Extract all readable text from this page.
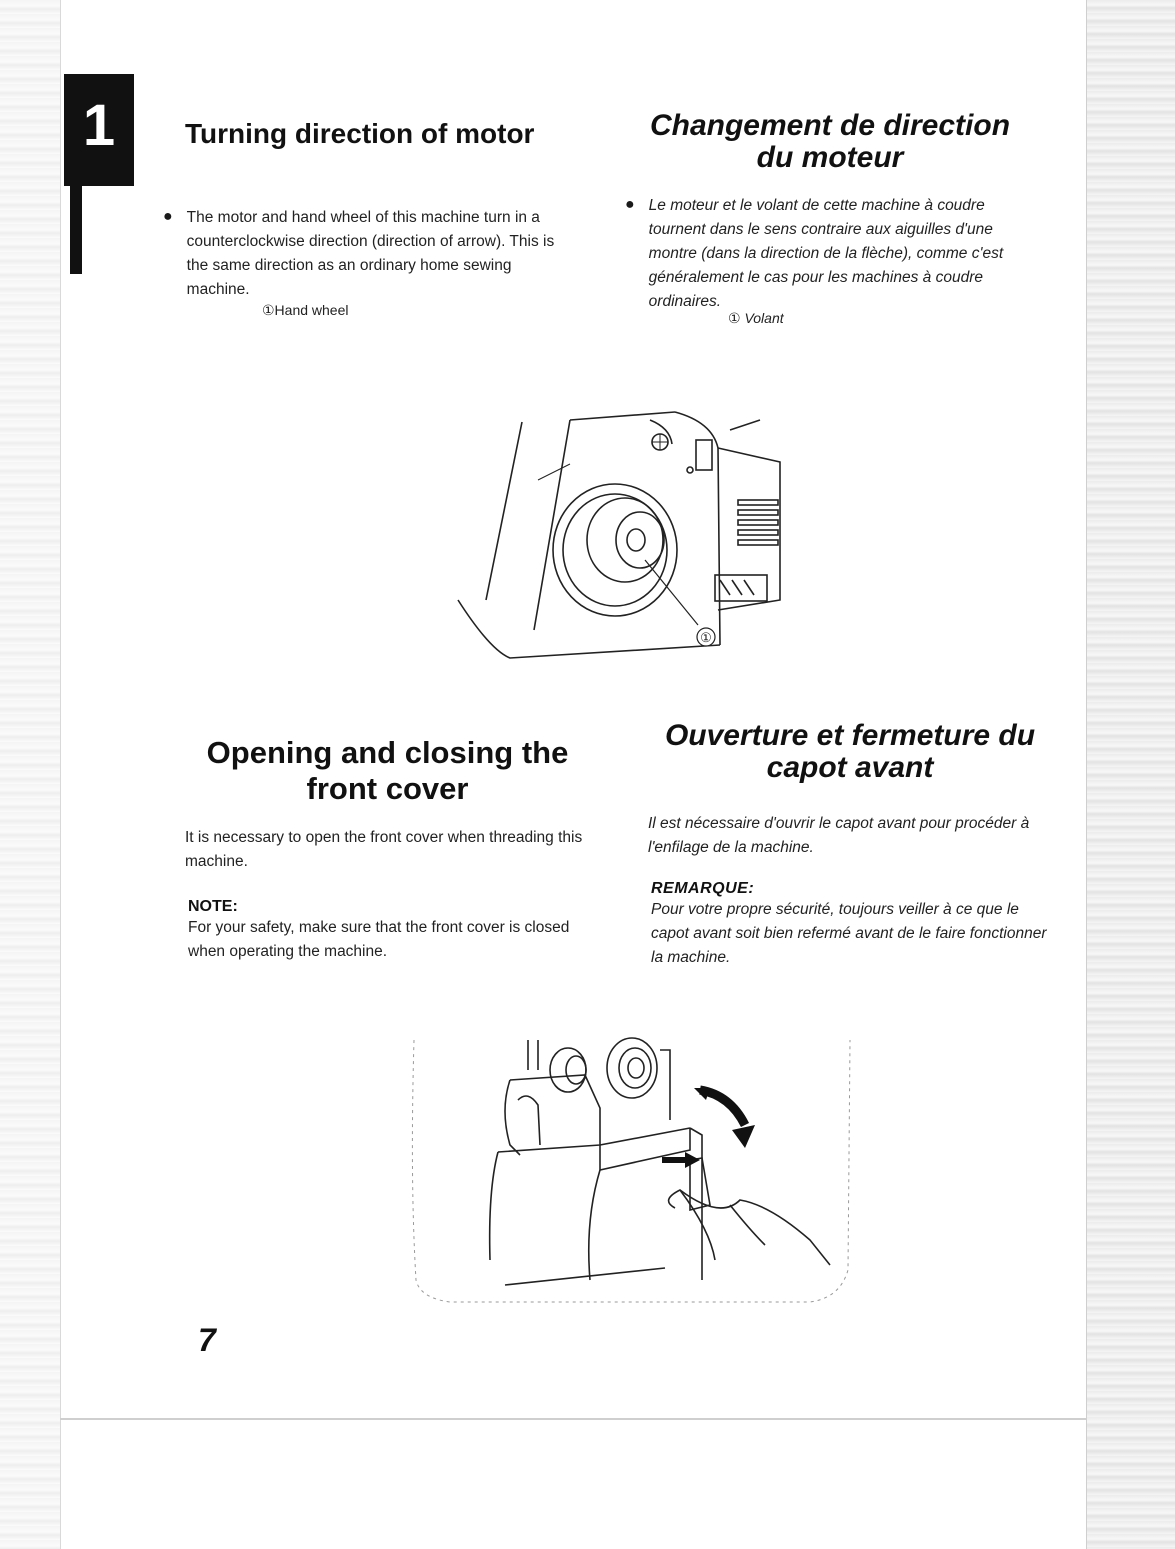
1	Turning direction of motor
● The motor and hand wheel of this machine turn in a counterclockwise direction (direction of arrow). This is the same direction as an ordinary home sewing machine.
①Hand wheel
Changement de direction
du moteur
● Le moteur et le volant de cette machine à coudre tournent dans le sens contraire aux aiguilles d'une montre (dans la direction de la flèche), comme c'est généralement le cas pour les machines à coudre ordinaires.
① Volant
①
Opening and closing the
front cover
It is necessary to open the front cover when threading this machine.

NOTE:

For your safety, make sure that the front cover is closed when operating the machine.
Ouverture et fermeture du
capot avant
Il est nécessaire d'ouvrir le capot avant pour procéder à l'enfilage de la machine.

REMARQUE:

Pour votre propre sécurité, toujours veiller à ce que le capot avant soit bien refermé avant de le faire fonctionner la machine.
7
